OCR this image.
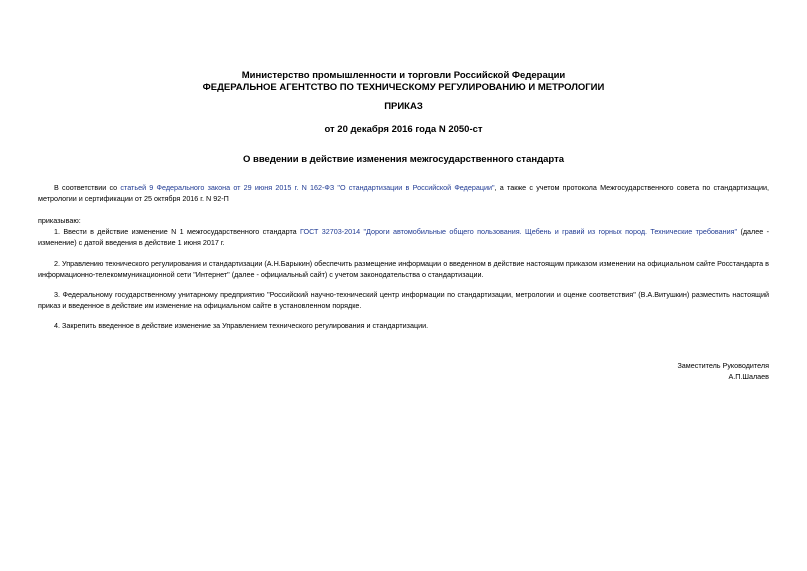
Министерство промышленности и торговли Российской Федерации
ФЕДЕРАЛЬНОЕ АГЕНТСТВО ПО ТЕХНИЧЕСКОМУ РЕГУЛИРОВАНИЮ И МЕТРОЛОГИИ
ПРИКАЗ
от 20 декабря 2016 года N 2050-ст
О введении в действие изменения межгосударственного стандарта
В соответствии со статьей 9 Федерального закона от 29 июня 2015 г. N 162-ФЗ "О стандартизации в Российской Федерации", а также с учетом протокола Межгосударственного совета по стандартизации, метрологии и сертификации от 25 октября 2016 г. N 92-П
приказываю:
1. Ввести в действие изменение N 1 межгосударственного стандарта ГОСТ 32703-2014 "Дороги автомобильные общего пользования. Щебень и гравий из горных пород. Технические требования" (далее - изменение) с датой введения в действие 1 июня 2017 г.
2. Управлению технического регулирования и стандартизации (А.Н.Барыкин) обеспечить размещение информации о введенном в действие настоящим приказом изменении на официальном сайте Росстандарта в информационно-телекоммуникационной сети "Интернет" (далее - официальный сайт) с учетом законодательства о стандартизации.
3. Федеральному государственному унитарному предприятию "Российский научно-технический центр информации по стандартизации, метрологии и оценке соответствия" (В.А.Витушкин) разместить настоящий приказ и введенное в действие им изменение на официальном сайте в установленном порядке.
4. Закрепить введенное в действие изменение за Управлением технического регулирования и стандартизации.
Заместитель Руководителя
А.П.Шалаев
